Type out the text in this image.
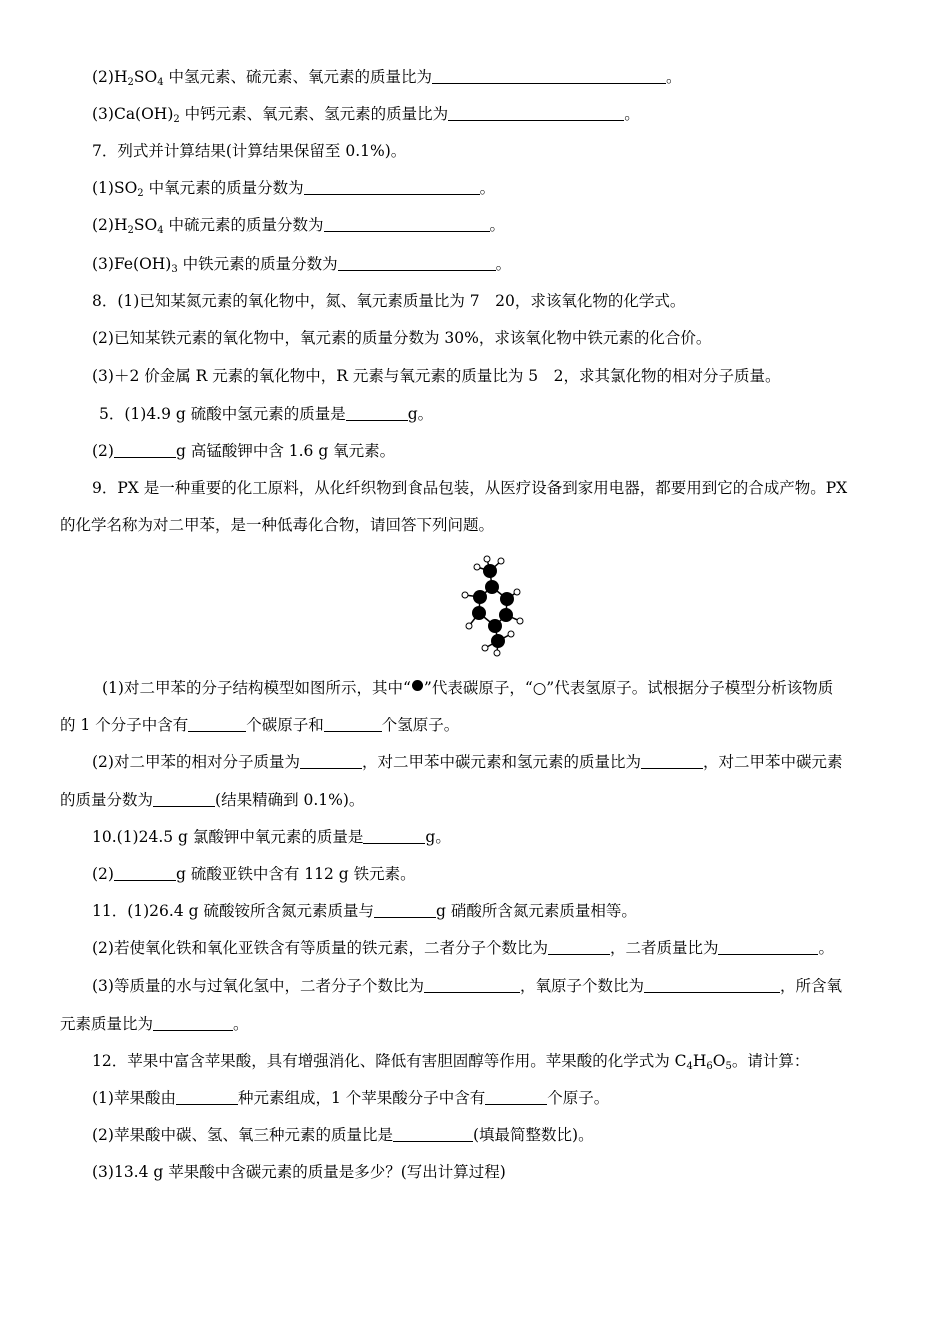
$(2)H_2SO_4$ 中氢元素、硫元素、氧元素的质量比为	。
$(3)Ca(OH)_2$ 中钙元素、氧元素、氢元素的质量比为	。
7．列式并计算结果(计算结果保留至 0.1%)。
$(1)SO_2$ 中氧元素的质量分数为	。
$(2)H_2SO_4$ 中硫元素的质量分数为	。
$(3)Fe(OH)_3$ 中铁元素的质量分数为	。
8．(1)已知某氮元素的氧化物中，氮、氧元素质量比为 7　20，求该氧化物的化学式。
(2)已知某铁元素的氧化物中，氧元素的质量分数为 30%，求该氧化物中铁元素的化合价。
(3)＋2 价金属 R 元素的氧化物中，R 元素与氧元素的质量比为 5　2，求其氯化物的相对分子质量。
5．(1)4.9 g 硫酸中氢元素的质量是	g。
(2)	g 高锰酸钾中含 1.6 g 氧元素。
9．PX 是一种重要的化工原料，从化纤织物到食品包装，从医疗设备到家用电器，都要用到它的合成产物。PX
的化学名称为对二甲苯，是一种低毒化合物，请回答下列问题。
(1)对二甲苯的分子结构模型如图所示，其中“ ”代表碳原子，“○”代表氢原子。试根据分子模型分析该物质
的 1 个分子中含有	个碳原子和	个氢原子。
(2)对二甲苯的相对分子质量为	，对二甲苯中碳元素和氢元素的质量比为	，对二甲苯中碳元素
的质量分数为	(结果精确到 0.1%)。
10.(1)24.5 g 氯酸钾中氧元素的质量是	g。
(2)	g 硫酸亚铁中含有 112 g 铁元素。
11．(1)26.4 g 硫酸铵所含氮元素质量与	g 硝酸所含氮元素质量相等。
(2)若使氧化铁和氧化亚铁含有等质量的铁元素，二者分子个数比为	，二者质量比为	。
(3)等质量的水与过氧化氢中，二者分子个数比为	，氧原子个数比为	，所含氧
元素质量比为	。
12．苹果中富含苹果酸，具有增强消化、降低有害胆固醇等作用。苹果酸的化学式为 $C_4H_6O_5$。请计算：
(1)苹果酸由	种元素组成，1 个苹果酸分子中含有	个原子。
(2)苹果酸中碳、氢、氧三种元素的质量比是	(填最简整数比)。
(3)13.4 g 苹果酸中含碳元素的质量是多少？(写出计算过程)
